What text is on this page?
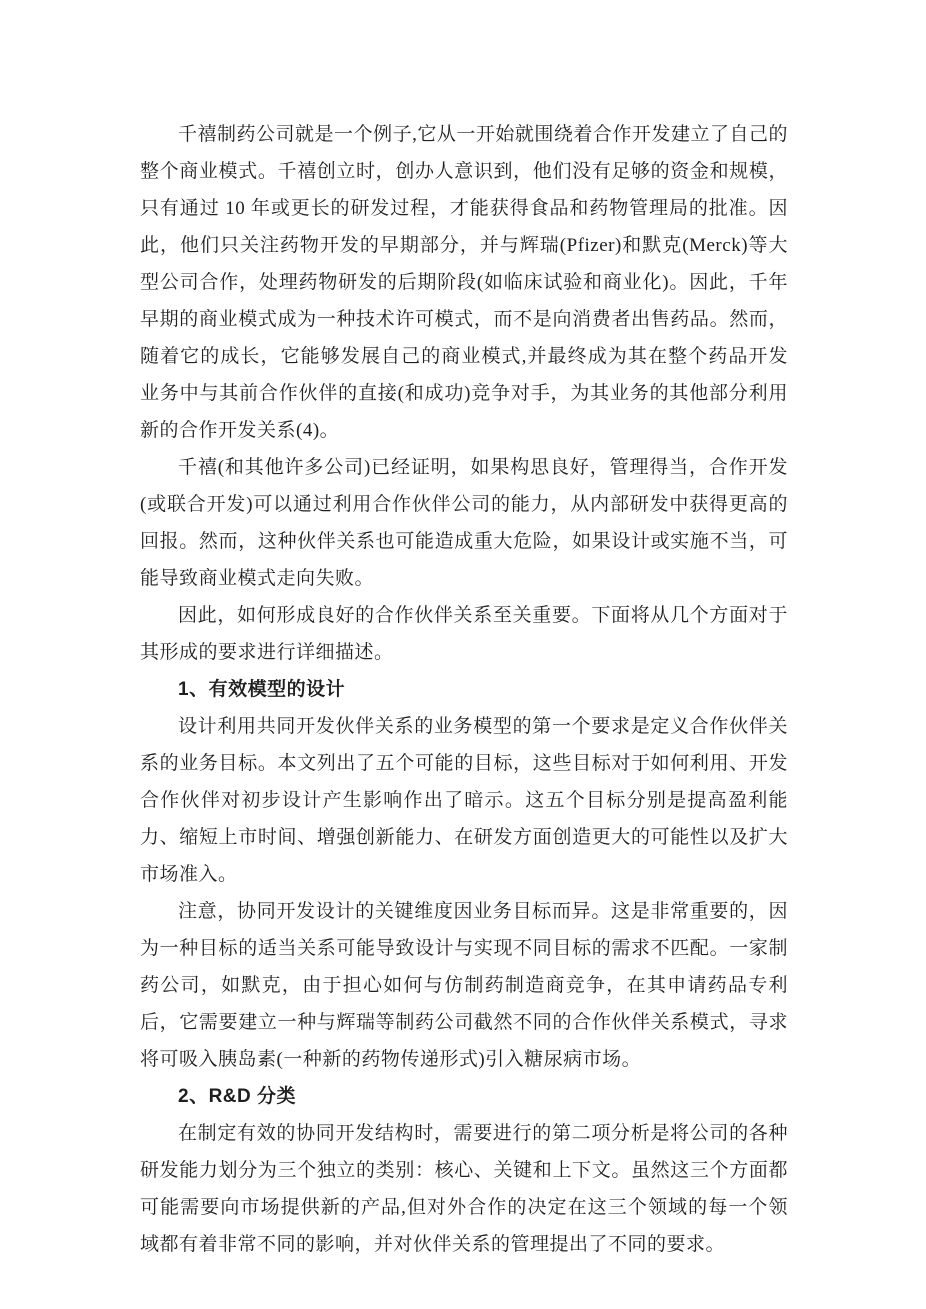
千禧制药公司就是一个例子,它从一开始就围绕着合作开发建立了自己的整个商业模式。千禧创立时，创办人意识到，他们没有足够的资金和规模，只有通过 10 年或更长的研发过程，才能获得食品和药物管理局的批准。因此，他们只关注药物开发的早期部分，并与辉瑞(Pfizer)和默克(Merck)等大型公司合作，处理药物研发的后期阶段(如临床试验和商业化)。因此，千年早期的商业模式成为一种技术许可模式，而不是向消费者出售药品。然而，随着它的成长，它能够发展自己的商业模式,并最终成为其在整个药品开发业务中与其前合作伙伴的直接(和成功)竞争对手，为其业务的其他部分利用新的合作开发关系(4)。

千禧(和其他许多公司)已经证明，如果构思良好，管理得当，合作开发(或联合开发)可以通过利用合作伙伴公司的能力，从内部研发中获得更高的回报。然而，这种伙伴关系也可能造成重大危险，如果设计或实施不当，可能导致商业模式走向失败。

因此，如何形成良好的合作伙伴关系至关重要。下面将从几个方面对于其形成的要求进行详细描述。

1、有效模型的设计

设计利用共同开发伙伴关系的业务模型的第一个要求是定义合作伙伴关系的业务目标。本文列出了五个可能的目标，这些目标对于如何利用、开发合作伙伴对初步设计产生影响作出了暗示。这五个目标分别是提高盈利能力、缩短上市时间、增强创新能力、在研发方面创造更大的可能性以及扩大市场准入。

注意，协同开发设计的关键维度因业务目标而异。这是非常重要的，因为一种目标的适当关系可能导致设计与实现不同目标的需求不匹配。一家制药公司，如默克，由于担心如何与仿制药制造商竞争，在其申请药品专利后，它需要建立一种与辉瑞等制药公司截然不同的合作伙伴关系模式，寻求将可吸入胰岛素(一种新的药物传递形式)引入糖尿病市场。

2、R&D 分类

在制定有效的协同开发结构时，需要进行的第二项分析是将公司的各种研发能力划分为三个独立的类别：核心、关键和上下文。虽然这三个方面都可能需要向市场提供新的产品,但对外合作的决定在这三个领域的每一个领域都有着非常不同的影响，并对伙伴关系的管理提出了不同的要求。
